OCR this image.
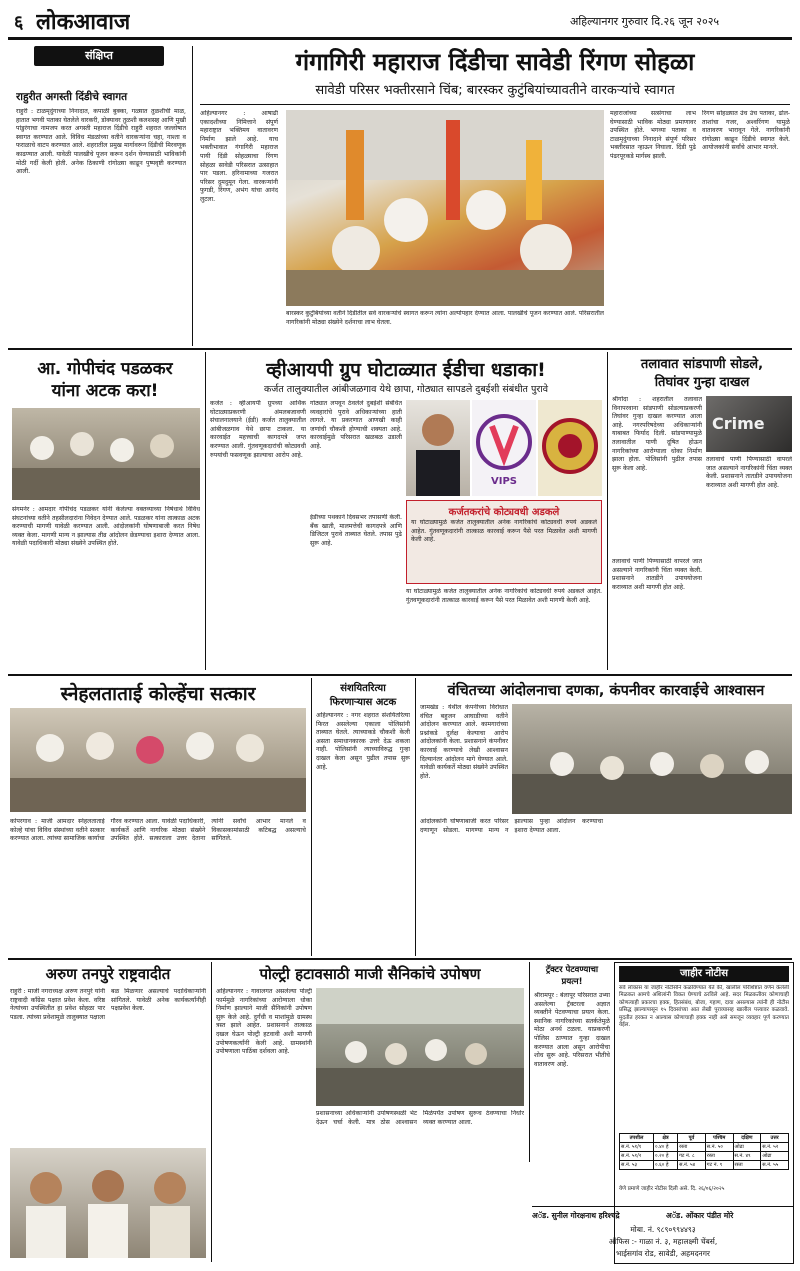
६ लोकआवाज	अहिल्यानगर गुरुवार दि.२६ जून २०२५
संक्षिप्त
राहुरीत अगस्ती दिंडीचे स्वागत
राहुरी : टाळमृदुंगाच्या निनादात, कपाळी बुक्का, गळ्यात तुळशीची माळ, हातात भगवी पताका घेतलेले वारकरी, डोक्यावर तुळशी कलशसह आणि मुखी पांडुरंगाचा नामजप करत अगस्ती महाराज दिंडीचे राहुरी शहरात जल्लोषात स्वागत करण्यात आले. विविध मंडळांच्या वतीने वारकऱ्यांना चहा, नाश्ता व फराळाचे वाटप करण्यात आले. शहरातील प्रमुख मार्गावरून दिंडीची मिरवणूक काढण्यात आली. यावेळी पालखीचे पूजन करून दर्शन घेण्यासाठी भाविकांनी मोठी गर्दी केली होती. अनेक ठिकाणी रांगोळ्या काढून पुष्पवृष्टी करण्यात आली.
गंगागिरी महाराज दिंडीचा सावेडी रिंगण सोहळा
सावेडी परिसर भक्तीरसाने चिंब; बारस्कर कुटुंबियांच्यावतीने वारकऱ्यांचे स्वागत
अहिल्यानगर : आषाढी एकादशीच्या निमित्ताने संपूर्ण महाराष्ट्रात भक्तिमय वातावरण निर्माण झाले आहे. याच भक्तीभावात गंगागिरी महाराज पायी दिंडी सोहळ्याचा रिंगण सोहळा सावेडी परिसरात उत्साहात पार पडला. हरिनामाच्या गजरात परिसर दुमदुमून गेला. वारकऱ्यांनी फुगडी, रिंगण, अभंग यांचा आनंद लुटला.
बारस्कर कुटुंबियांच्या वतीने दिंडीतील सर्व वारकऱ्यांचे स्वागत करून त्यांना अल्पोपहार देण्यात आला. पालखीचे पूजन करण्यात आले. परिसरातील नागरिकांनी मोठ्या संख्येने दर्शनाचा लाभ घेतला.
महाराजांच्या सत्संगाचा लाभ घेण्यासाठी भाविक मोठ्या प्रमाणावर उपस्थित होते. भगव्या पताका व टाळमृदुंगाच्या निनादाने संपूर्ण परिसर भक्तीरसात न्हाऊन निघाला. दिंडी पुढे पंढरपूरकडे मार्गस्थ झाली.
रिंगण सोहळ्यात उंच उंच पताका, ढोल-ताशांचा गजर, अश्वरिंगण यामुळे वातावरण भारावून गेले. नागरिकांनी रांगोळ्या काढून दिंडीचे स्वागत केले. आयोजकांनी सर्वांचे आभार मानले.
आ. गोपीचंद पडळकर
यांना अटक करा!
संगमनेर : आमदार गोपीचंद पडळकर यांनी केलेल्या वक्तव्याच्या निषेधार्थ विविध संघटनांच्या वतीने तहसीलदारांना निवेदन देण्यात आले. पडळकर यांना तात्काळ अटक करण्याची मागणी यावेळी करण्यात आली. आंदोलकांनी घोषणाबाजी करत निषेध व्यक्त केला. मागणी मान्य न झाल्यास तीव्र आंदोलन छेडण्याचा इशारा देण्यात आला. यावेळी पदाधिकारी मोठ्या संख्येने उपस्थित होते.
व्हीआयपी ग्रुप घोटाळ्यात ईडीचा धडाका!
कर्जत तालुक्यातील आंबीजळगाव येथे छापा, गोठ्यात सापडले दुबईशी संबंधीत पुरावे
कर्जत : व्हीआयपी ग्रुपच्या आर्थिक घोटाळ्याप्रकरणी अंमलबजावणी संचालनालयाने (ईडी) कर्जत तालुक्यातील आंबीजळगाव येथे छापा टाकला. या कारवाईत महत्त्वाची कागदपत्रे जप्त करण्यात आली. गुंतवणूकदारांची कोट्यवधी रुपयांची फसवणूक झाल्याचा आरोप आहे.
गोठ्यात लपवून ठेवलेले दुबईशी संबंधित व्यवहारांचे पुरावे अधिकाऱ्यांच्या हाती लागले. या प्रकरणात आणखी काही जणांची चौकशी होण्याची शक्यता आहे. कारवाईमुळे परिसरात खळबळ उडाली आहे.
VIPS
कर्जतकरांचे कोट्यवधी अडकले
या घोटाळ्यामुळे कर्जत तालुक्यातील अनेक नागरिकांचे कोट्यवधी रुपये अडकले आहेत. गुंतवणूकदारांनी तात्काळ कारवाई करून पैसे परत मिळावेत अशी मागणी केली आहे.
ईडीच्या पथकाने दिवसभर तपासणी केली. बँक खाती, मालमत्तेची कागदपत्रे आणि डिजिटल पुरावे ताब्यात घेतले. तपास पुढे सुरू आहे.
या घोटाळ्यामुळे कर्जत तालुक्यातील अनेक नागरिकांचे कोट्यवधी रुपये अडकले आहेत. गुंतवणूकदारांनी तात्काळ कारवाई करून पैसे परत मिळावेत अशी मागणी केली आहे.
तलावात सांडपाणी सोडले,
तिघांवर गुन्हा दाखल
श्रीगोंदा : शहरातील तलावात विनापरवाना सांडपाणी सोडल्याप्रकरणी तिघांवर गुन्हा दाखल करण्यात आला आहे. नगरपरिषदेच्या अधिकाऱ्यांनी याबाबत फिर्याद दिली. सांडपाण्यामुळे तलावातील पाणी दूषित होऊन नागरिकांच्या आरोग्याला धोका निर्माण झाला होता. पोलिसांनी पुढील तपास सुरू केला आहे.
Crime
तलावाचे पाणी पिण्यासाठी वापरले जात असल्याने नागरिकांनी चिंता व्यक्त केली. प्रशासनाने तातडीने उपाययोजना कराव्यात अशी मागणी होत आहे.
तलावाचे पाणी पिण्यासाठी वापरले जात असल्याने नागरिकांनी चिंता व्यक्त केली. प्रशासनाने तातडीने उपाययोजना कराव्यात अशी मागणी होत आहे.
स्नेहलताताई कोल्हेंचा सत्कार
कोपरगाव : माजी आमदार स्नेहलताताई कोल्हे यांचा विविध संस्थांच्या वतीने सत्कार करण्यात आला. त्यांच्या सामाजिक कार्याचा गौरव करण्यात आला. यावेळी पदाधिकारी, कार्यकर्ते आणि नागरिक मोठ्या संख्येने उपस्थित होते. सत्काराला उत्तर देताना त्यांनी सर्वांचे आभार मानले व विकासकामांसाठी कटिबद्ध असल्याचे सांगितले.
संशयितरित्या
फिरणाऱ्यास अटक
अहिल्यानगर : नगर शहरात संशयितरित्या फिरत असलेल्या एकाला पोलिसांनी ताब्यात घेतले. त्याच्याकडे चौकशी केली असता समाधानकारक उत्तरे देऊ शकला नाही. पोलिसांनी त्याच्याविरुद्ध गुन्हा दाखल केला असून पुढील तपास सुरू आहे.
वंचितच्या आंदोलनाचा दणका, कंपनीवर कारवाईचे आश्वासन
जामखेड : येथील कंपनीच्या विरोधात वंचित बहुजन आघाडीच्या वतीने आंदोलन करण्यात आले. कामगारांच्या प्रश्नांकडे दुर्लक्ष केल्याचा आरोप आंदोलकांनी केला. प्रशासनाने कंपनीवर कारवाई करण्याचे लेखी आश्वासन दिल्यानंतर आंदोलन मागे घेण्यात आले. यावेळी कार्यकर्ते मोठ्या संख्येने उपस्थित होते.
आंदोलकांनी घोषणाबाजी करत परिसर दणाणून सोडला. मागण्या मान्य न झाल्यास पुन्हा आंदोलन करण्याचा इशारा देण्यात आला.
अरुण तनपुरे राष्ट्रवादीत
राहुरी : माजी नगराध्यक्ष अरुण तनपुरे यांनी राष्ट्रवादी काँग्रेस पक्षात प्रवेश केला. वरिष्ठ नेत्यांच्या उपस्थितीत हा प्रवेश सोहळा पार पडला. त्यांच्या प्रवेशामुळे तालुक्यात पक्षाला बळ मिळणार असल्याचे पदाधिकाऱ्यांनी सांगितले. यावेळी अनेक कार्यकर्त्यांनीही पक्षप्रवेश केला.
पोल्ट्री हटावसाठी माजी सैनिकांचे उपोषण
अहिल्यानगर : गावालगत असलेल्या पोल्ट्री फार्ममुळे नागरिकांच्या आरोग्याला धोका निर्माण झाल्याने माजी सैनिकांनी उपोषण सुरू केले आहे. दुर्गंधी व माशांमुळे ग्रामस्थ त्रस्त झाले आहेत. प्रशासनाने तात्काळ दखल घेऊन पोल्ट्री हटवावी अशी मागणी उपोषणकर्त्यांनी केली आहे. ग्रामस्थांनी उपोषणाला पाठिंबा दर्शवला आहे.
प्रशासनाच्या अधिकाऱ्यांनी उपोषणस्थळी भेट देऊन चर्चा केली. मात्र ठोस आश्वासन मिळेपर्यंत उपोषण सुरूच ठेवण्याचा निर्धार व्यक्त करण्यात आला.
ट्रॅक्टर पेटवण्याचा
प्रयत्न!
श्रीरामपूर : बेलापूर परिसरात उभ्या असलेल्या ट्रॅक्टरला अज्ञात व्यक्तीने पेटवण्याचा प्रयत्न केला. स्थानिक नागरिकांच्या सतर्कतेमुळे मोठा अनर्थ टळला. याप्रकरणी पोलिस ठाण्यात गुन्हा दाखल करण्यात आला असून आरोपीचा शोध सुरू आहे. परिसरात भीतीचे वातावरण आहे.
जाहीर नोटीस
सर्व लोकांस या जाहीर नोटीसीने कळविण्यात येते की, खालील परिशिष्टात वर्णन केलेली मिळकत आमचे अशिलांनी विकत घेण्याचे ठरविले आहे. सदर मिळकतीवर कोणाचाही कोणत्याही प्रकारचा हक्क, हितसंबंध, बोजा, गहाण, दावा असल्यास त्यांनी ही नोटीस प्रसिद्ध झाल्यापासून १५ दिवसांच्या आत लेखी पुराव्यासह खालील पत्त्यावर कळवावे. मुदतीत हरकत न आल्यास कोणाचाही हक्क नाही असे समजून व्यवहार पूर्ण करण्यात येईल.
तपशील	क्षेत्र	पूर्व	पश्चिम	दक्षिण	उत्तर
स.नं. ५१/१	०.४० हे	रस्ता	स.नं. ५०	ओढा	स.नं. ५२
स.नं. ५१/२	०.२० हे	गट नं. ८	रस्ता	स.नं. ४९	ओढा
स.नं. ५३	०.६० हे	स.नं. ५४	गट नं. ९	रस्ता	स.नं. ५५
येणे प्रमाणे जाहीर नोटीस दिली असे. दि. २६/०६/२०२५
अॅड. सुनील गोरक्षनाथ हरिश्चंद्रे	अॅड. ओंकार पंडीत मोरे
मोबा. नं. ९८९०९९४४९३
ऑफिस :- गाळा नं. ३, महालक्ष्मी चेंबर्स,
भाईसगांव रोड, सावेडी, अहमदनगर
